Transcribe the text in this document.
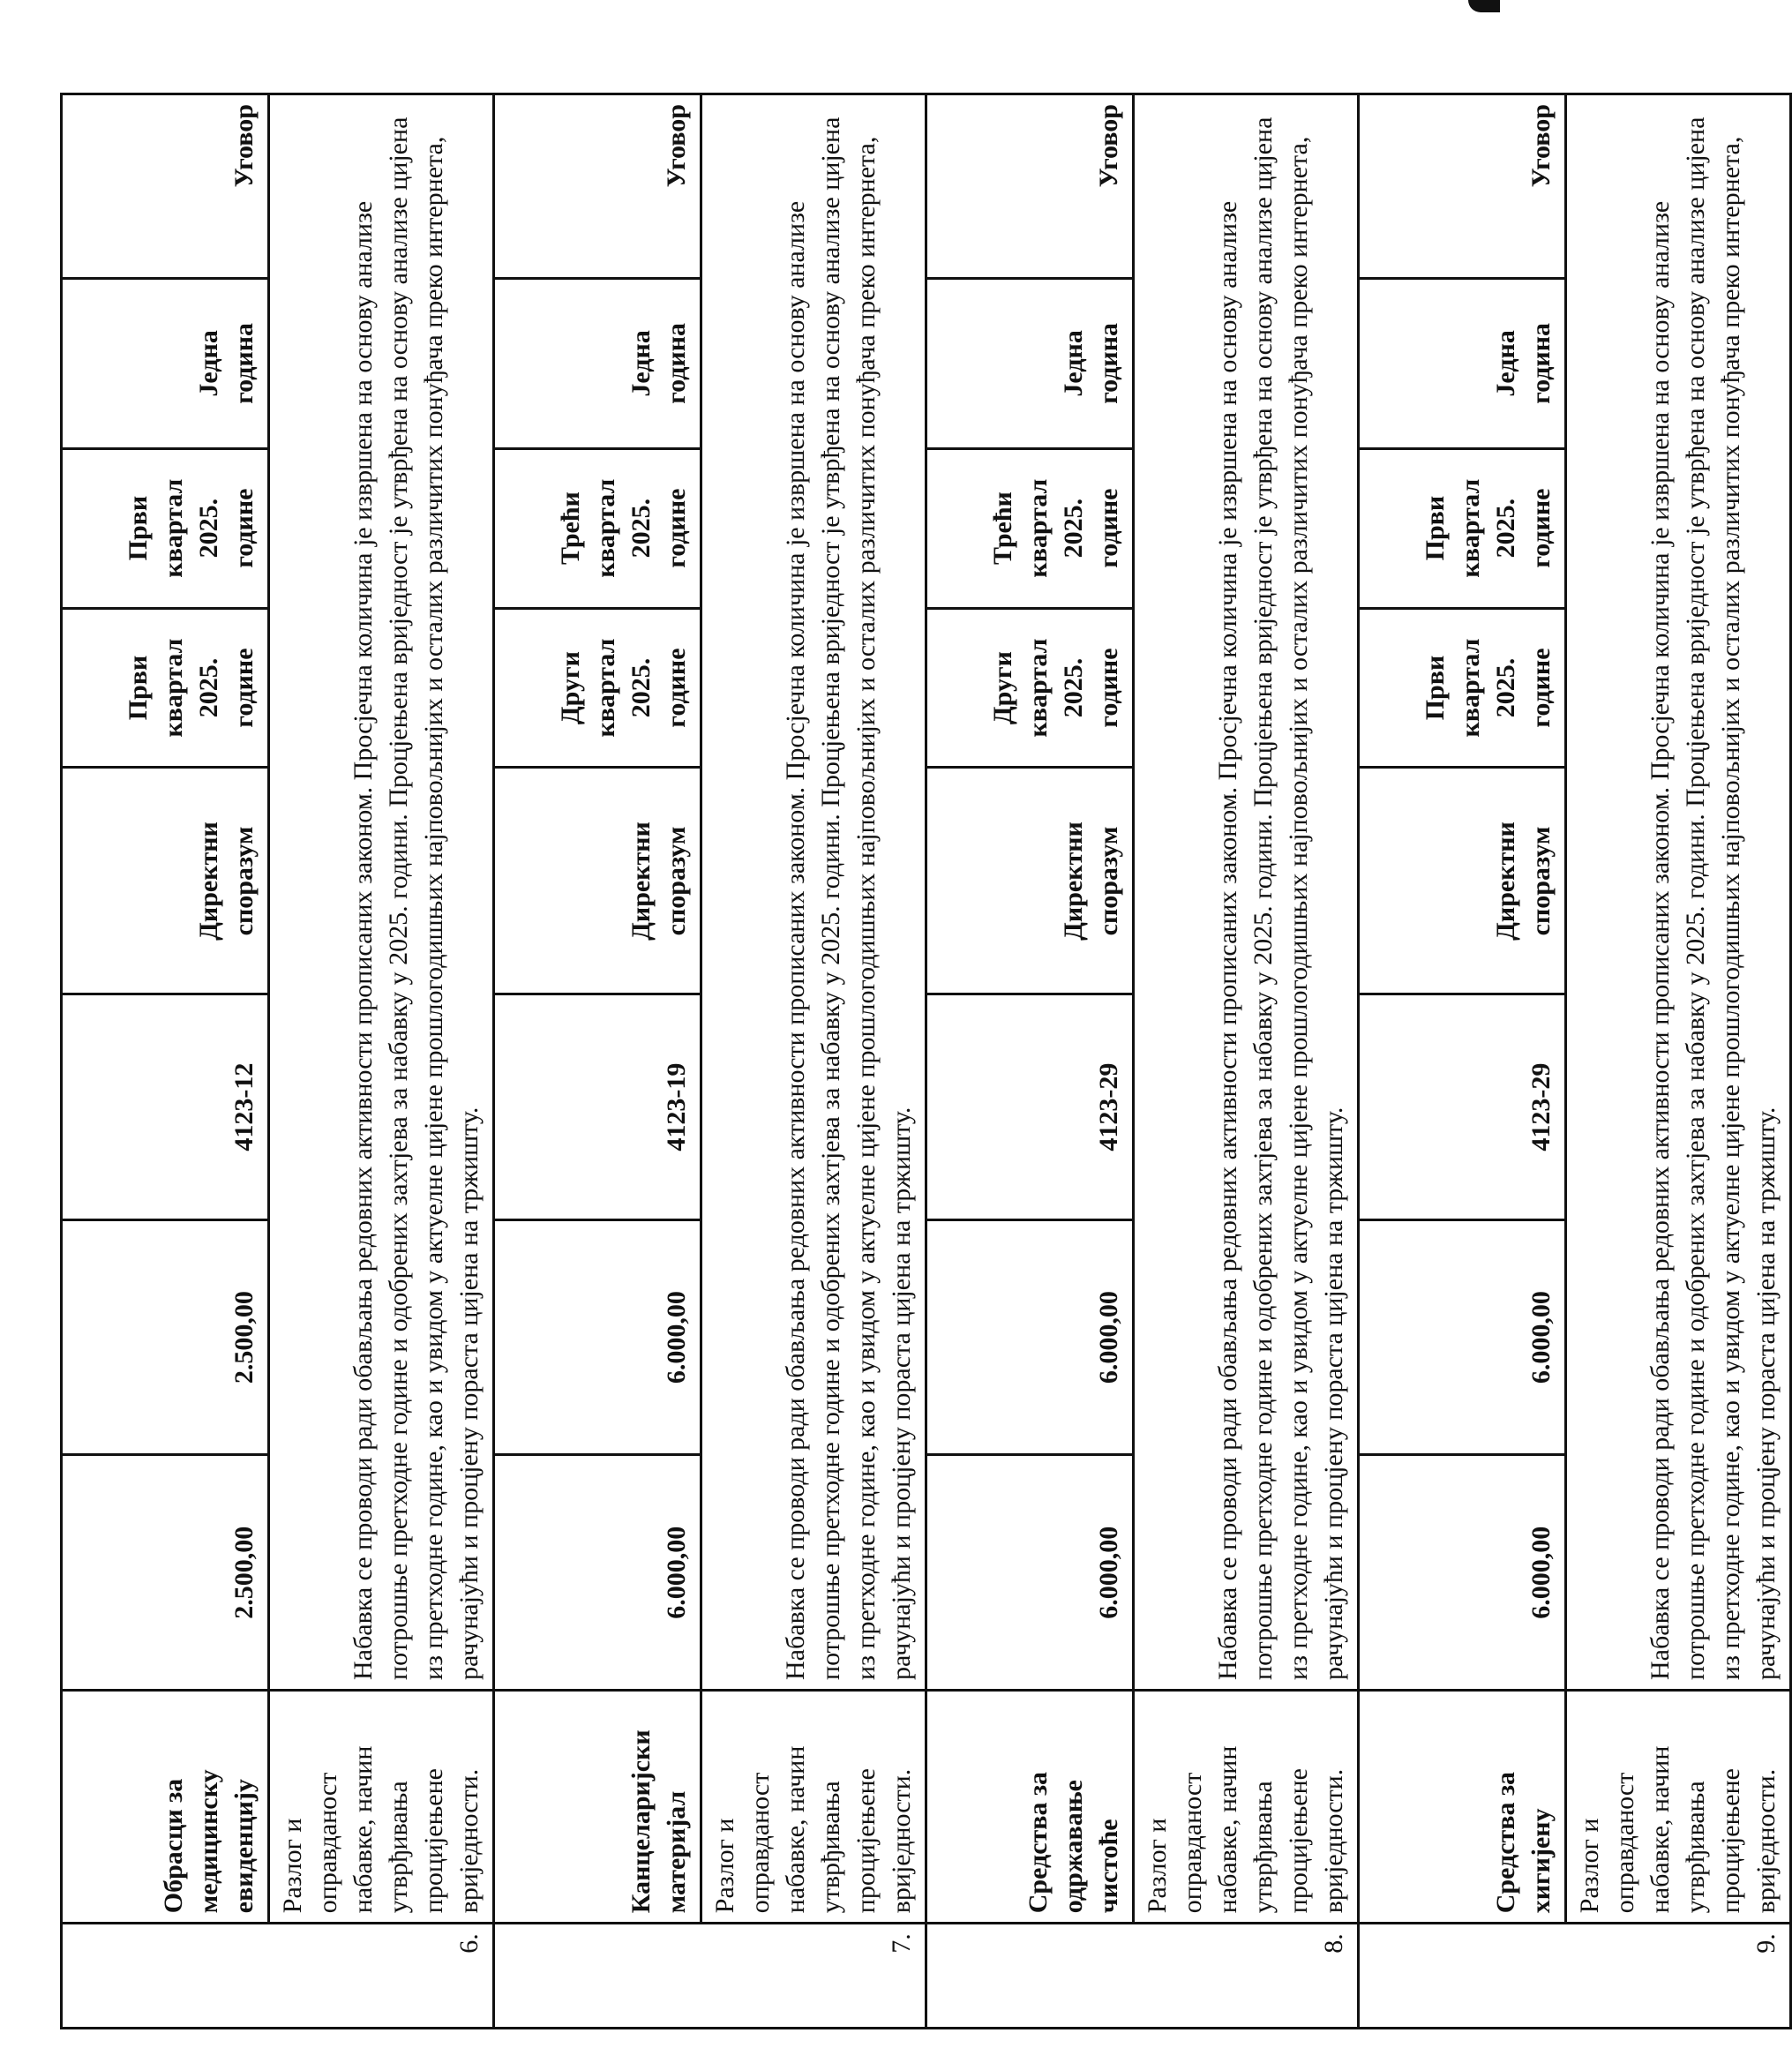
6.	Обрасци за медицинску евиденцију	2.500,00	2.500,00	4123-12	Директни споразум	Први квартал 2025. године	Први квартал 2025. године	Једна година	Уговор
	Разлог и оправданост набавке, начин утврђивања процијењене вриједности.	Набавка се проводи ради обављања редовних активности прописаних законом. Просјечна количина је извршена на основу анализе потрошње претходне године и одобрених захтјева за набавку у 2025. години. Процјењена вриједност је утврђена на основу анализе цијена из претходне године, као и увидом у актуелне цијене прошлогодишњих најповољнијих и осталих различитих понуђача преко интернета, рачунајући и процјену пораста цијена на тржишту.							
7.	Канцеларијски материјал	6.000,00	6.000,00	4123-19	Директни споразум	Други квартал 2025. године	Трећи квартал 2025. године	Једна година	Уговор
	Разлог и оправданост набавке, начин утврђивања процијењене вриједности.	Набавка се проводи ради обављања редовних активности прописаних законом. Просјечна количина је извршена на основу анализе потрошње претходне године и одобрених захтјева за набавку у 2025. години. Процјењена вриједност је утврђена на основу анализе цијена из претходне године, као и увидом у актуелне цијене прошлогодишњих најповољнијих и осталих различитих понуђача преко интернета, рачунајући и процјену пораста цијена на тржишту.							
8.	Средства за одржавање чистоће	6.000,00	6.000,00	4123-29	Директни споразум	Други квартал 2025. године	Трећи квартал 2025. године	Једна година	Уговор
	Разлог и оправданост набавке, начин утврђивања процијењене вриједности.	Набавка се проводи ради обављања редовних активности прописаних законом. Просјечна количина је извршена на основу анализе потрошње претходне године и одобрених захтјева за набавку у 2025. години. Процјењена вриједност је утврђена на основу анализе цијена из претходне године, као и увидом у актуелне цијене прошлогодишњих најповољнијих и осталих различитих понуђача преко интернета, рачунајући и процјену пораста цијена на тржишту.							
9.	Средства за хигијену	6.000,00	6.000,00	4123-29	Директни споразум	Први квартал 2025. године	Први квартал 2025. године	Једна година	Уговор
	Разлог и оправданост набавке, начин утврђивања процијењене вриједности.	Набавка се проводи ради обављања редовних активности прописаних законом. Просјечна количина је извршена на основу анализе потрошње претходне године и одобрених захтјева за набавку у 2025. години. Процјењена вриједност је утврђена на основу анализе цијена из претходне године, као и увидом у актуелне цијене прошлогодишњих најповољнијих и осталих различитих понуђача преко интернета, рачунајући и процјену пораста цијена на тржишту.							
